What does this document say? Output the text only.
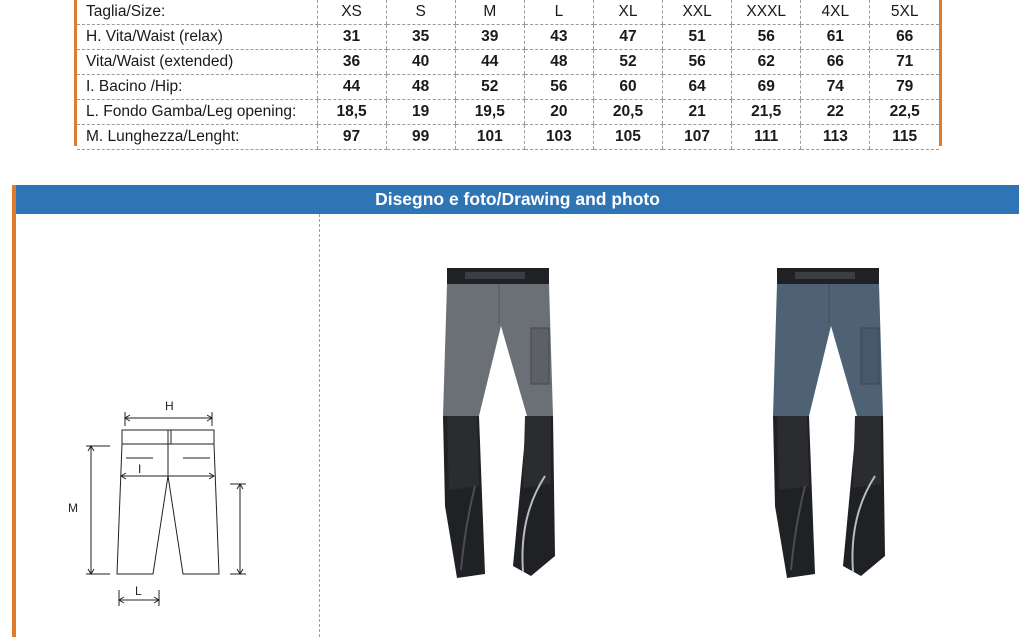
Taglia/Size:	XS	S	M	L	XL	XXL	XXXL	4XL	5XL
H. Vita/Waist (relax)	31	35	39	43	47	51	56	61	66
Vita/Waist (extended)	36	40	44	48	52	56	62	66	71
I. Bacino /Hip:	44	48	52	56	60	64	69	74	79
L. Fondo Gamba/Leg opening:	18,5	19	19,5	20	20,5	21	21,5	22	22,5
M. Lunghezza/Lenght:	97	99	101	103	105	107	111	113	115
Disegno e foto/Drawing and photo
H
I
M
L
